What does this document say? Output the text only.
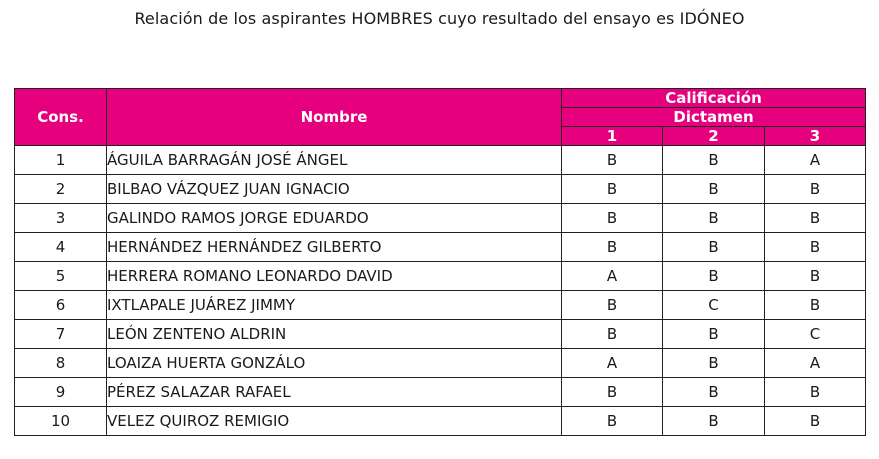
Relación de los aspirantes HOMBRES cuyo resultado del ensayo es IDÓNEO
Cons.	Nombre	Calificación		
		Dictamen		
		1	2	3
1	ÁGUILA BARRAGÁN JOSÉ ÁNGEL	B	B	A
2	BILBAO VÁZQUEZ JUAN IGNACIO	B	B	B
3	GALINDO RAMOS JORGE EDUARDO	B	B	B
4	HERNÁNDEZ HERNÁNDEZ GILBERTO	B	B	B
5	HERRERA ROMANO LEONARDO DAVID	A	B	B
6	IXTLAPALE JUÁREZ JIMMY	B	C	B
7	LEÓN ZENTENO ALDRIN	B	B	C
8	LOAIZA HUERTA GONZÁLO	A	B	A
9	PÉREZ SALAZAR RAFAEL	B	B	B
10	VELEZ QUIROZ REMIGIO	B	B	B
